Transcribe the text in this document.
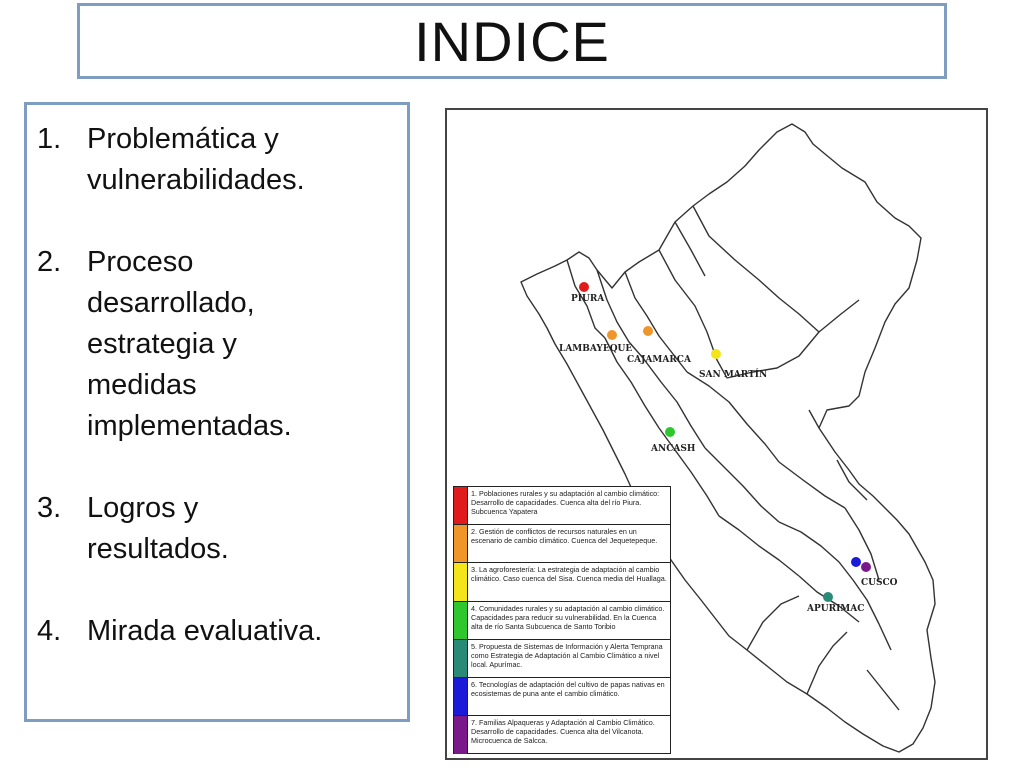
INDICE
1. Problemática y
vulnerabilidades.
2. Proceso
desarrollado,
estrategia y
medidas
implementadas.
3. Logros y
resultados.
4. Mirada evaluativa.
PIURA
LAMBAYEQUE
CAJAMARCA
SAN MARTÍN
ANCASH
CUSCO
APURIMAC
1. Poblaciones rurales y su adaptación al cambio climático: Desarrollo de capacidades. Cuenca alta del río Piura. Subcuenca Yapatera
2. Gestión de conflictos de recursos naturales en un escenario de cambio climático. Cuenca del Jequetepeque.
3. La agroforestería: La estrategia de adaptación al cambio climático. Caso cuenca del Sisa. Cuenca media del Huallaga.
4. Comunidades rurales y su adaptación al cambio climático. Capacidades para reducir su vulnerabilidad. En la Cuenca alta de río Santa Subcuenca de Santo Toribio
5. Propuesta de Sistemas de Información y Alerta Temprana como Estrategia de Adaptación al Cambio Climático a nivel local. Apurímac.
6. Tecnologías de adaptación del cultivo de papas nativas en ecosistemas de puna ante el cambio climático.
7. Familias Alpaqueras y Adaptación al Cambio Climático. Desarrollo de capacidades. Cuenca alta del Vilcanota. Microcuenca de Salcca.
